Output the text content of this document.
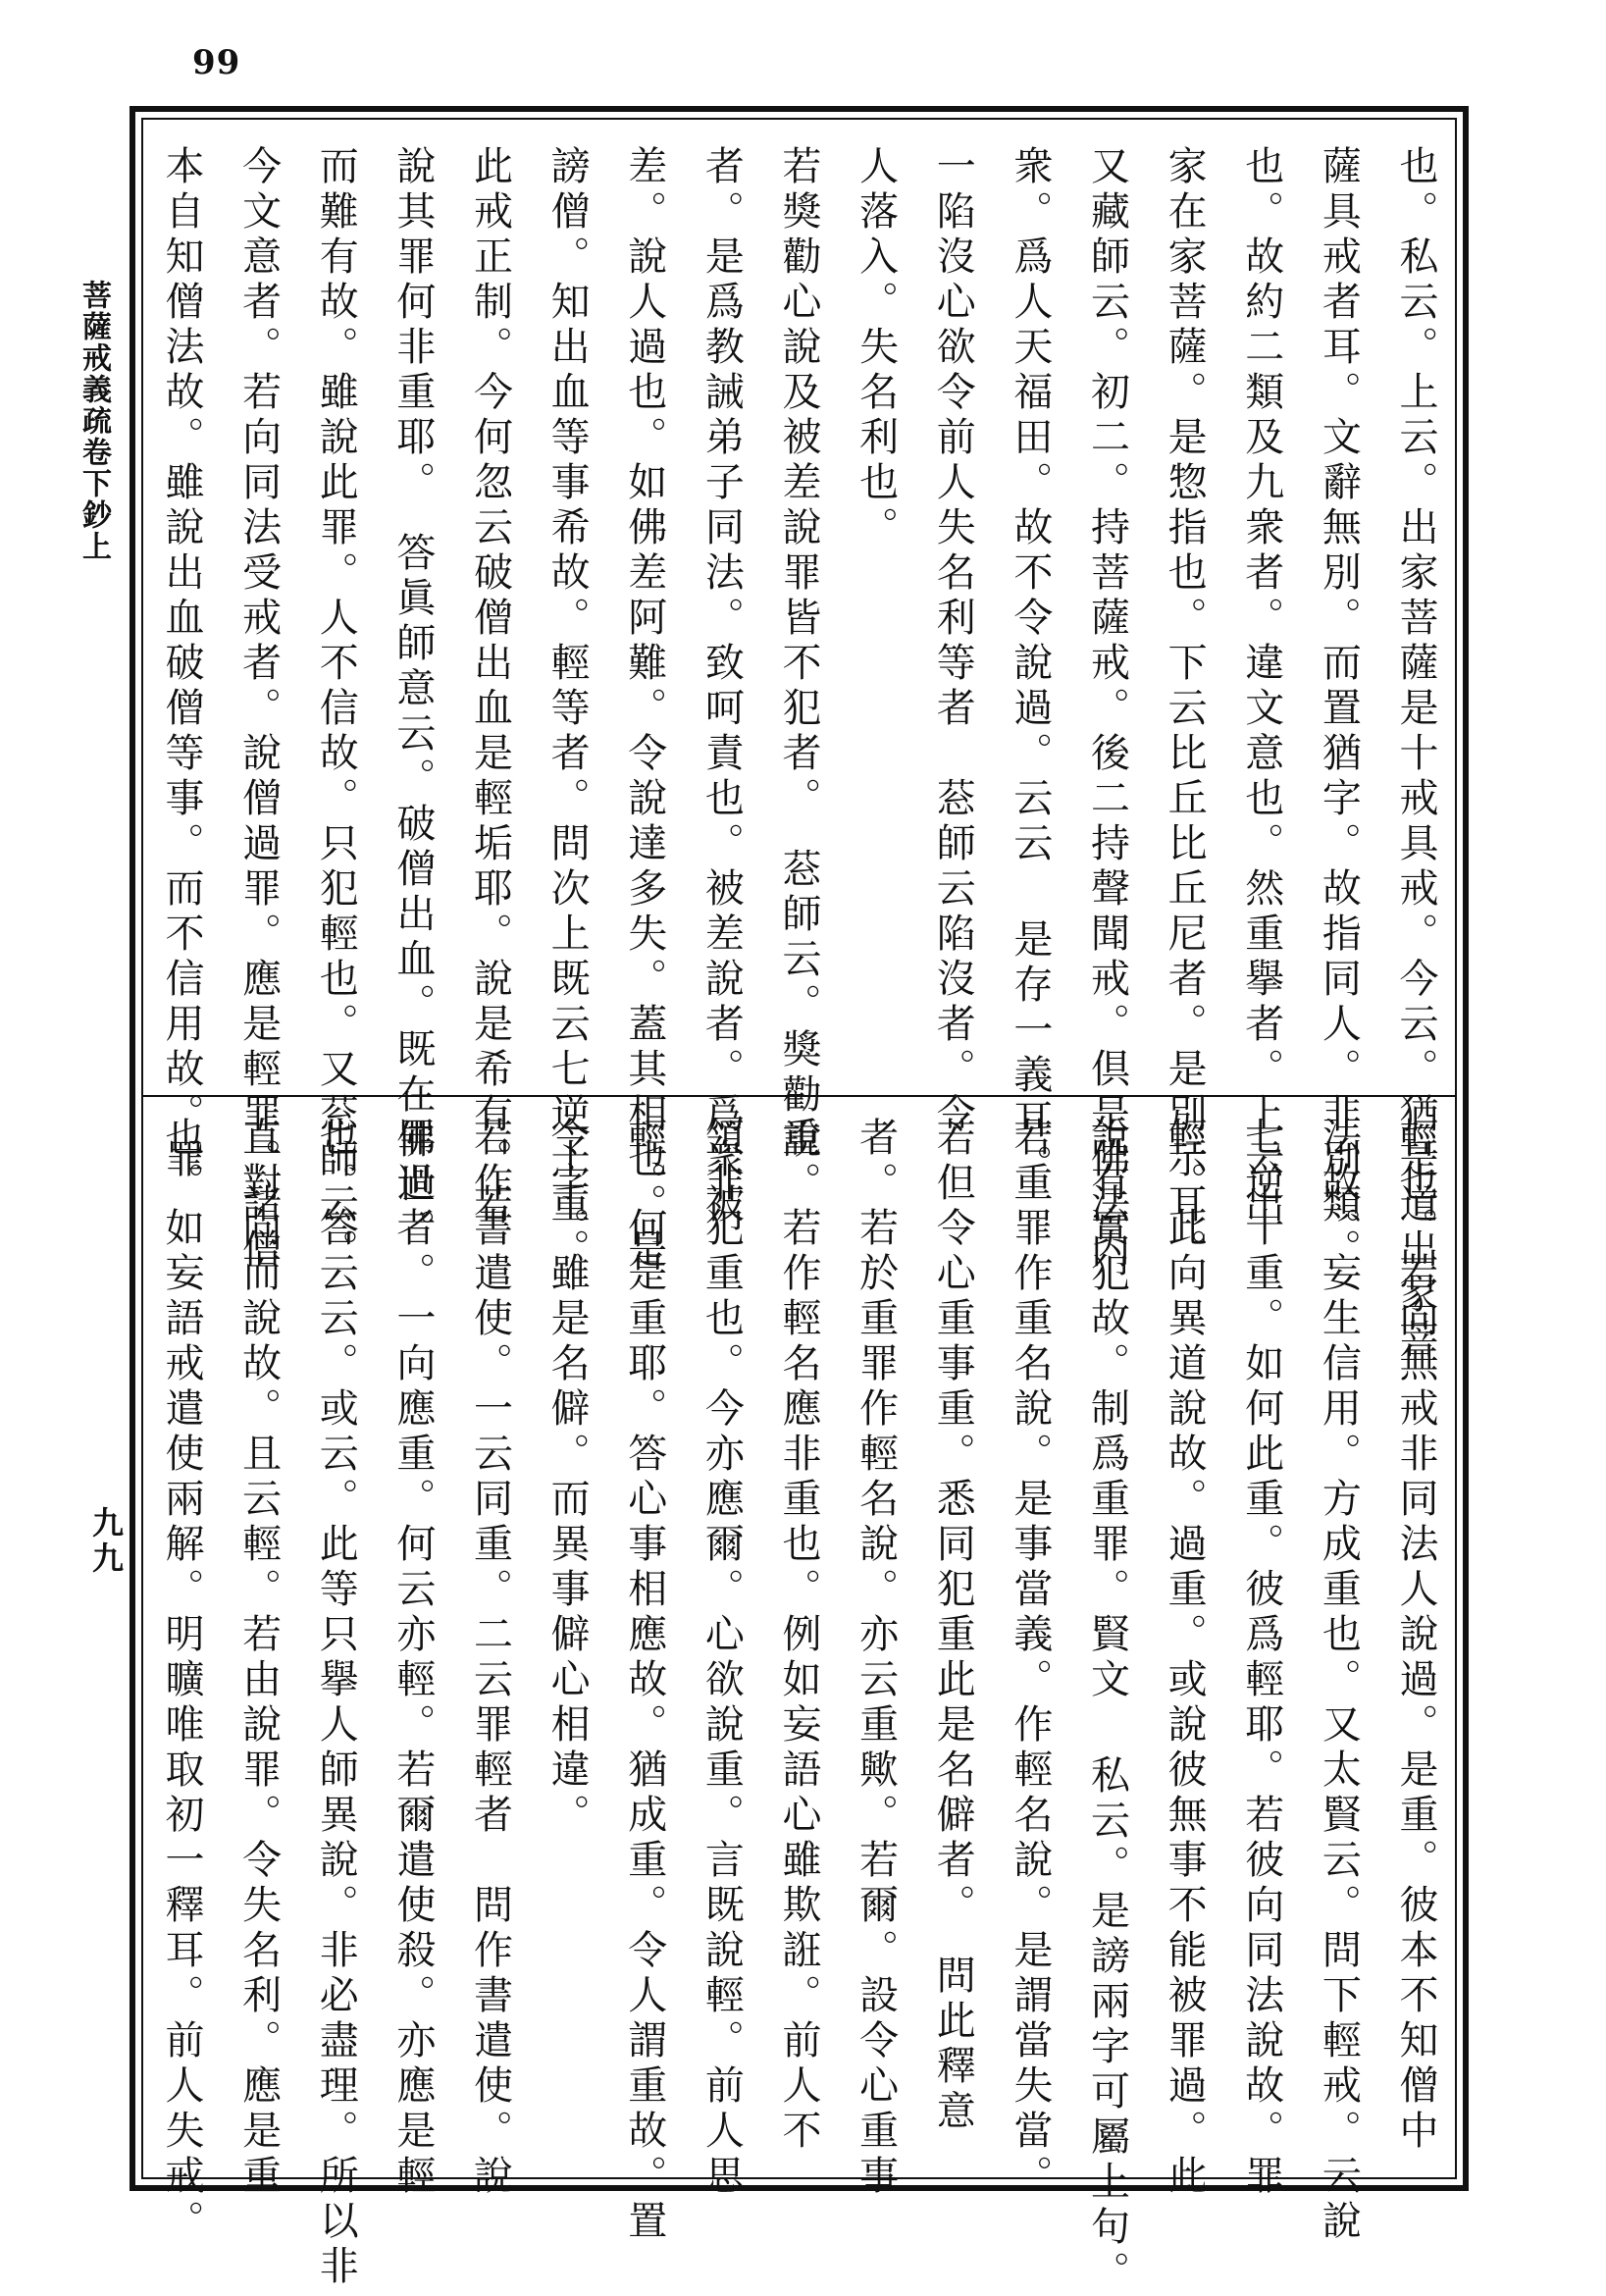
99
菩薩戒義疏卷下鈔上
九九
也。私云。上云。出家菩薩是十戒具戒。今云。猶是道出家菩
薩具戒者耳。文辭無別。而置猶字。故指同人。非別類。
也。故約二類及九衆者。違文意也。然重擧者。上云出
家在家菩薩。是惣指也。下云比丘比丘尼者。是別示耳。
又藏師云。初二。持菩薩戒。後二持聲聞戒。倶是佛法内
衆。爲人天福田。故不令說過。云云 是存一義耳。
一陷沒心欲令前人失名利等者　䓗師云陷沒者。令
人落入。失名利也。
若獎勸心說及被差說罪皆不犯者。　䓗師云。獎勸說
者。是爲教誡弟子同法。致呵責也。被差說者。爲衆被
差。說人過也。如佛差阿難。令說達多失。蓋其相也。是
謗僧。知出血等事希故。輕等者。問次上既云七逆十重。
此戒正制。今何忽云破僧出血是輕垢耶。說是希有。若
說其罪何非重耶。　答眞師意云。破僧出血。既在佛世。
而難有故。雖說此罪。人不信故。只犯輕也。又䓗師云。
今文意者。若向同法受戒者。說僧過罪。應是輕罪。諸僧
本自知僧法故。雖說出血破僧等事。而不信用故。罪
輕也。若向無戒非同法人說過。是重。彼本不知僧中
法故。妄生信用。方成重也。又太賢云。問下輕戒。云說
七逆十重。如何此重。彼爲輕耶。若彼向同法說故。罪
輕。此向異道說故。過重。或說彼無事不能被罪過。此
說有實犯故。制爲重罪。賢文 私云。是謗兩字可屬上句。
若重罪作重名說。是事當義。作輕名說。是謂當失當。
若但令心重事重。悉同犯重此是名僻者。　問此釋意
者。若於重罪作輕名說。亦云重歟。若爾。設令心重事
重。若作輕名應非重也。例如妄語心雖欺誑。前人不
領非犯重也。今亦應爾。心欲說重。言既說輕。前人思
輕。何是重耶。答心事相應故。猶成重。令人謂重故。置
令字。雖是名僻。而異事僻心相違。
若作書遣使。一云同重。二云罪輕者　問作書遣使。說
罪過者。一向應重。何云亦輕。若爾遣使殺。亦應是輕
也。答云云。或云。此等只擧人師異說。非必盡理。所以非
直對向而說故。且云輕。若由說罪。令失名利。應是重
也。如妄語戒遣使兩解。明曠唯取初一釋耳。前人失戒。
